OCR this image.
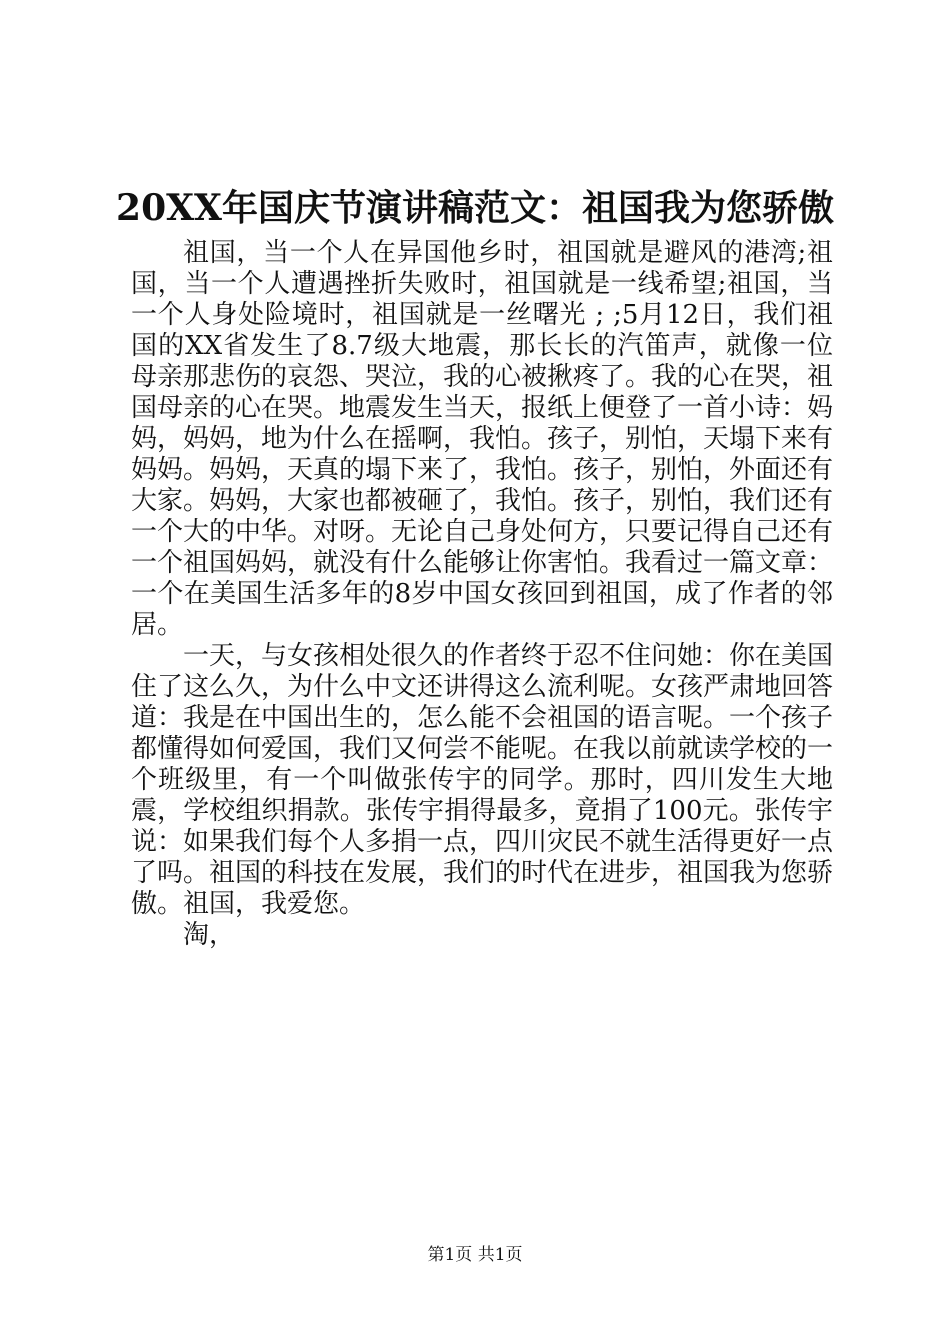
20XX年国庆节演讲稿范文：祖国我为您骄傲

祖国，当一个人在异国他乡时，祖国就是避风的港湾;祖国，当一个人遭遇挫折失败时，祖国就是一线希望;祖国，当一个人身处险境时，祖国就是一丝曙光 ; ;5月12日，我们祖国的XX省发生了8.7级大地震，那长长的汽笛声，就像一位母亲那悲伤的哀怨、哭泣，我的心被揪疼了。我的心在哭，祖国母亲的心在哭。地震发生当天，报纸上便登了一首小诗：妈妈，妈妈，地为什么在摇啊，我怕。孩子，别怕，天塌下来有妈妈。妈妈，天真的塌下来了，我怕。孩子，别怕，外面还有大家。妈妈，大家也都被砸了，我怕。孩子，别怕，我们还有一个大的中华。对呀。无论自己身处何方，只要记得自己还有一个祖国妈妈，就没有什么能够让你害怕。我看过一篇文章：一个在美国生活多年的8岁中国女孩回到祖国，成了作者的邻居。

一天，与女孩相处很久的作者终于忍不住问她：你在美国住了这么久，为什么中文还讲得这么流利呢。女孩严肃地回答道：我是在中国出生的，怎么能不会祖国的语言呢。一个孩子都懂得如何爱国，我们又何尝不能呢。在我以前就读学校的一个班级里，有一个叫做张传宇的同学。那时，四川发生大地震，学校组织捐款。张传宇捐得最多，竟捐了100元。张传宇说：如果我们每个人多捐一点，四川灾民不就生活得更好一点了吗。祖国的科技在发展，我们的时代在进步，祖国我为您骄傲。祖国，我爱您。

淘，

第1页 共1页
